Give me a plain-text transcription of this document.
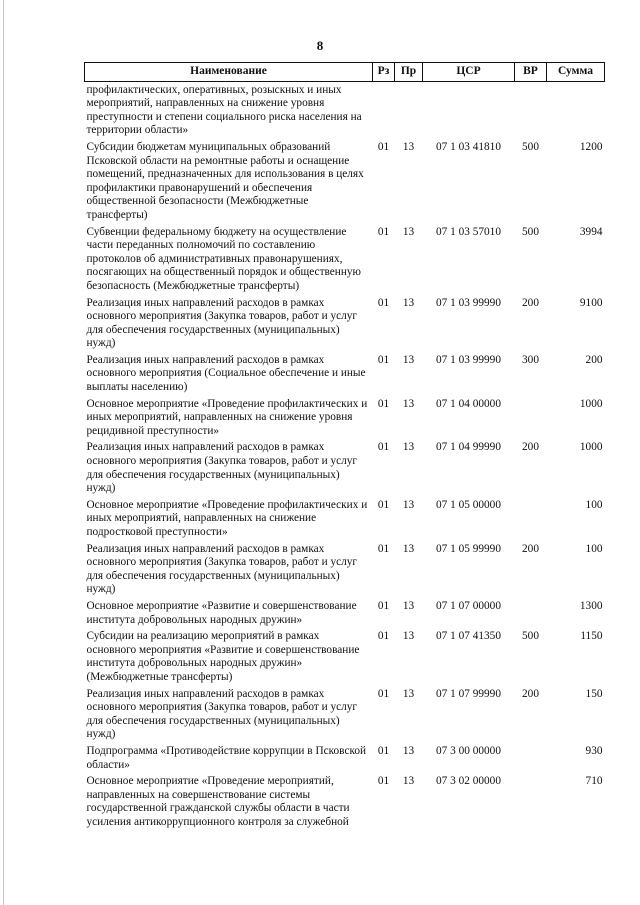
8
Наименование	Рз	Пр	ЦСР	ВР	Сумма
профилактических, оперативных, розыскных и иных мероприятий, направленных на снижение уровня преступности и степени социального риска населения на территории области»					
Субсидии бюджетам муниципальных образований Псковской области на ремонтные работы и оснащение помещений, предназначенных для использования в целях профилактики правонарушений и обеспечения общественной безопасности (Межбюджетные трансферты)	01	13	07 1 03 41810	500	1200
Субвенции федеральному бюджету на осуществление части переданных полномочий по составлению протоколов об административных правонарушениях, посягающих на общественный порядок и общественную безопасность (Межбюджетные трансферты)	01	13	07 1 03 57010	500	3994
Реализация иных направлений расходов в рамках основного мероприятия (Закупка товаров, работ и услуг для обеспечения государственных (муниципальных) нужд)	01	13	07 1 03 99990	200	9100
Реализация иных направлений расходов в рамках основного мероприятия (Социальное обеспечение и иные выплаты населению)	01	13	07 1 03 99990	300	200
Основное мероприятие «Проведение профилактических и иных мероприятий, направленных на снижение уровня рецидивной преступности»	01	13	07 1 04 00000		1000
Реализация иных направлений расходов в рамках основного мероприятия (Закупка товаров, работ и услуг для обеспечения государственных (муниципальных) нужд)	01	13	07 1 04 99990	200	1000
Основное мероприятие «Проведение профилактических и иных мероприятий, направленных на снижение подростковой преступности»	01	13	07 1 05 00000		100
Реализация иных направлений расходов в рамках основного мероприятия (Закупка товаров, работ и услуг для обеспечения государственных (муниципальных) нужд)	01	13	07 1 05 99990	200	100
Основное мероприятие «Развитие и совершенствование института добровольных народных дружин»	01	13	07 1 07 00000		1300
Субсидии на реализацию мероприятий в рамках основного мероприятия «Развитие и совершенствование института добровольных народных дружин» (Межбюджетные трансферты)	01	13	07 1 07 41350	500	1150
Реализация иных направлений расходов в рамках основного мероприятия (Закупка товаров, работ и услуг для обеспечения государственных (муниципальных) нужд)	01	13	07 1 07 99990	200	150
Подпрограмма «Противодействие коррупции в Псковской области»	01	13	07 3 00 00000		930
Основное мероприятие «Проведение мероприятий, направленных на совершенствование системы государственной гражданской службы области в части усиления антикоррупционного контроля за служебной	01	13	07 3 02 00000		710
